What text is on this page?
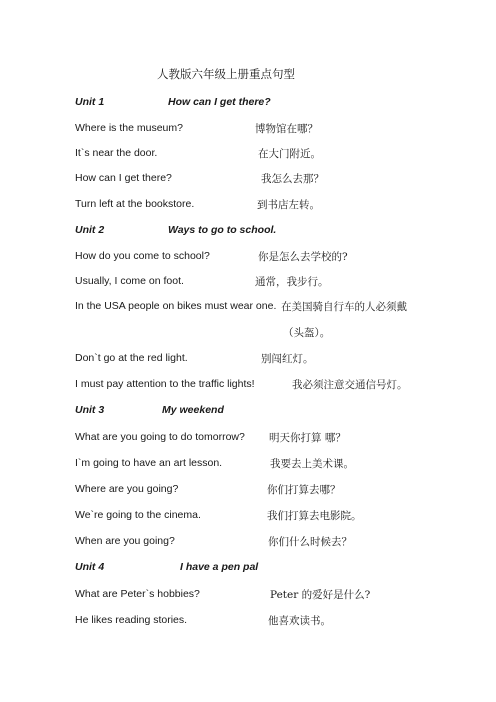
人教版六年级上册重点句型
Unit 1	How can I get there?
Where is the museum?	博物馆在哪？
It`s near the door.	在大门附近。
How can I get there?	我怎么去那？
Turn left at the bookstore.	到书店左转。
Unit 2	Ways to go to school.
How do you come to school?	你是怎么去学校的?
Usually, I come on foot.	通常，我步行。
In the USA people on bikes must wear one. 在美国骑自行车的人必须戴
（头盔）。
Don`t go at the red light.	别闯红灯。
I must pay attention to the traffic lights!	我必须注意交通信号灯。
Unit 3	My weekend
What are you going to do tomorrow? 明天你打算 哪？
I`m going to have an art lesson.	我要去上美术课。
Where are you going?	你们打算去哪？
We`re going to the cinema.	我们打算去电影院。
When are you going?	你们什么时候去？
Unit 4	I have a pen pal
What are Peter`s hobbies?	Peter 的爱好是什么?
He likes reading stories.	他喜欢读书。
